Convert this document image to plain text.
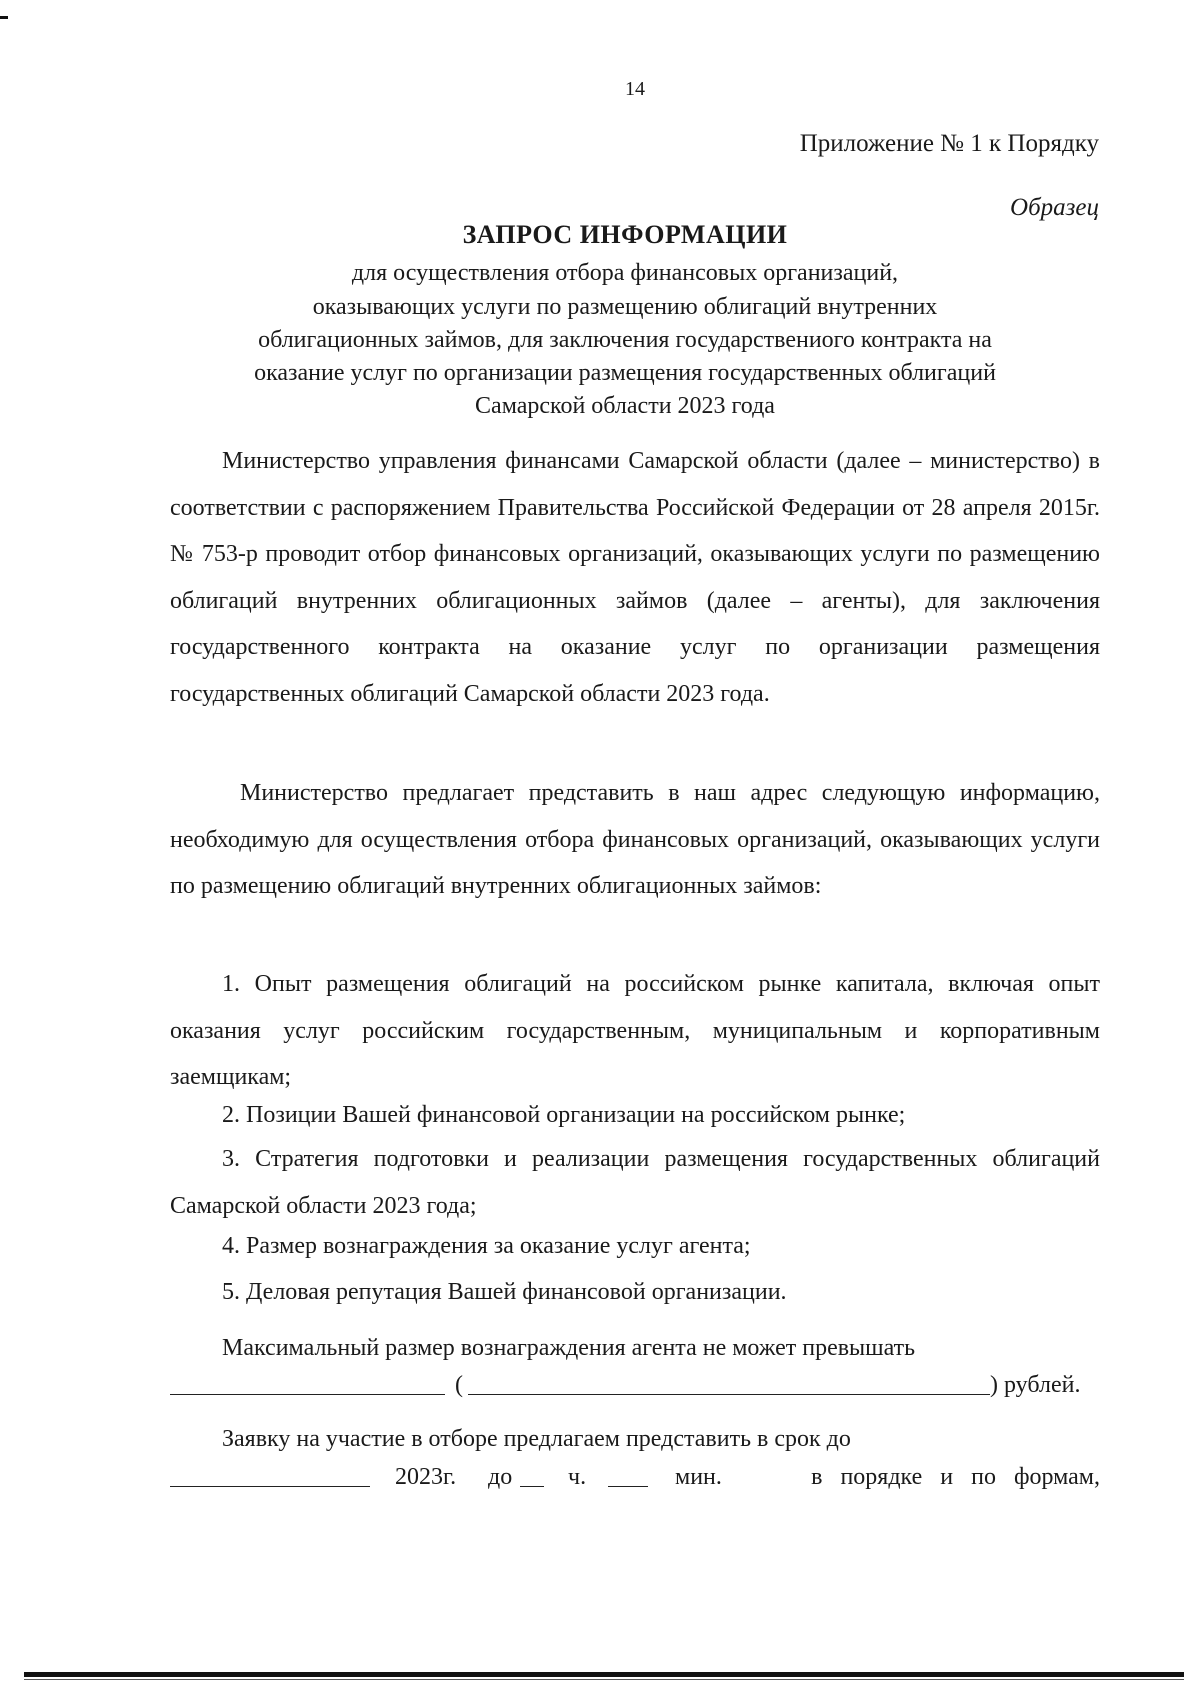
14
Приложение № 1 к Порядку
Образец
ЗАПРОС ИНФОРМАЦИИ
для осуществления отбора финансовых организаций,
оказывающих услуги по размещению облигаций внутренних
облигационных займов, для заключения государствениого контракта на
оказание услуг по организации размещения государственных облигаций
Самарской области 2023 года

Министерство управления финансами Самарской области (далее – министерство) в соответствии с распоряжением Правительства Российской Федерации от 28 апреля 2015г. № 753-р проводит отбор финансовых организаций, оказывающих услуги по размещению облигаций внутренних облигационных займов (далее – агенты), для заключения государственного контракта на оказание услуг по организации размещения государственных облигаций Самарской области 2023 года.

Министерство предлагает представить в наш адрес следующую информацию, необходимую для осуществления отбора финансовых организаций, оказывающих услуги по размещению облигаций внутренних облигационных займов:

1. Опыт размещения облигаций на российском рынке капитала, включая опыт оказания услуг российским государственным, муниципальным и корпоративным заемщикам;

2. Позиции Вашей финансовой организации на российском рынке;

3. Стратегия подготовки и реализации размещения государственных облигаций Самарской области 2023 года;

4. Размер вознаграждения за оказание услуг агента;

5. Деловая репутация Вашей финансовой организации.

Максимальный размер вознаграждения агента не может превышать

(	) рублей.

Заявку на участие в отборе предлагаем представить в срок до

2023г. до ч.	мин.	в порядке и по формам,
